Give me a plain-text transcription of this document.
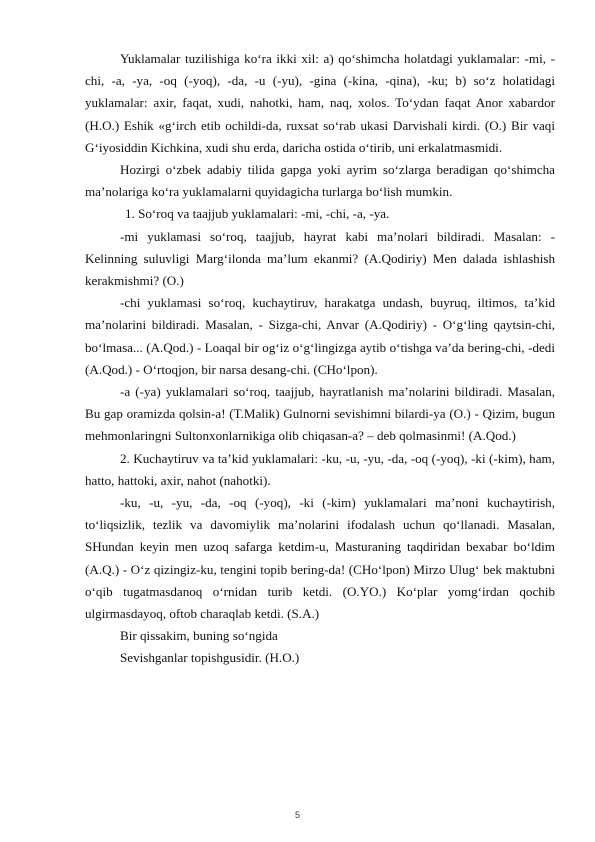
Yuklamalar tuzilishiga ko‘ra ikki xil: a) qo‘shimcha holatdagi yuklamalar: -mi, -chi, -a, -ya, -oq (-yoq), -da, -u (-yu), -gina (-kina, -qina), -ku; b) so‘z holatidagi yuklamalar: axir, faqat, xudi, nahotki, ham, naq, xolos. To‘ydan faqat Anor xabardor (H.O.) Eshik «g‘irch etib ochildi-da, ruxsat so‘rab ukasi Darvishali kirdi. (O.) Bir vaqi G‘iyosiddin Kichkina, xudi shu erda, daricha ostida o‘tirib, uni erkalatmasmidi.

Hozirgi o‘zbek adabiy tilida gapga yoki ayrim so‘zlarga beradigan qo‘shimcha ma’nolariga ko‘ra yuklamalarni quyidagicha turlarga bo‘lish mumkin.

1. So‘roq va taajjub yuklamalari: -mi, -chi, -a, -ya.

-mi yuklamasi so‘roq, taajjub, hayrat kabi ma’nolari bildiradi. Masalan: -Kelinning suluvligi Marg‘ilonda ma’lum ekanmi? (A.Qodiriy) Men dalada ishlashish kerakmishmi? (O.)

-chi yuklamasi so‘roq, kuchaytiruv, harakatga undash, buyruq, iltimos, ta’kid ma’nolarini bildiradi. Masalan, - Sizga-chi, Anvar (A.Qodiriy) - O‘g‘ling qaytsin-chi, bo‘lmasa... (A.Qod.) - Loaqal bir og‘iz o‘g‘lingizga aytib o‘tishga va’da bering-chi, -dedi (A.Qod.) - O‘rtoqjon, bir narsa desang-chi. (CHo‘lpon).

-a (-ya) yuklamalari so‘roq, taajjub, hayratlanish ma’nolarini bildiradi. Masalan, Bu gap oramizda qolsin-a! (T.Malik) Gulnorni sevishimni bilardi-ya (O.) - Qizim, bugun mehmonlaringni Sultonxonlarnikiga olib chiqasan-a? – deb qolmasinmi! (A.Qod.)

2. Kuchaytiruv va ta’kid yuklamalari: -ku, -u, -yu, -da, -oq (-yoq), -ki (-kim), ham, hatto, hattoki, axir, nahot (nahotki).

-ku, -u, -yu, -da, -oq (-yoq), -ki (-kim) yuklamalari ma’noni kuchaytirish, to‘liqsizlik, tezlik va davomiylik ma’nolarini ifodalash uchun qo‘llanadi. Masalan, SHundan keyin men uzoq safarga ketdim-u, Masturaning taqdiridan bexabar bo‘ldim (A.Q.) - O‘z qizingiz-ku, tengini topib bering-da! (CHo‘lpon) Mirzo Ulug‘ bek maktubni o‘qib tugatmasdanoq o‘rnidan turib ketdi. (O.YO.) Ko‘plar yomg‘irdan qochib ulgirmasdayoq, oftob charaqlab ketdi. (S.A.)

Bir qissakim, buning so‘ngida

Sevishganlar topishgusidir. (H.O.)

5
